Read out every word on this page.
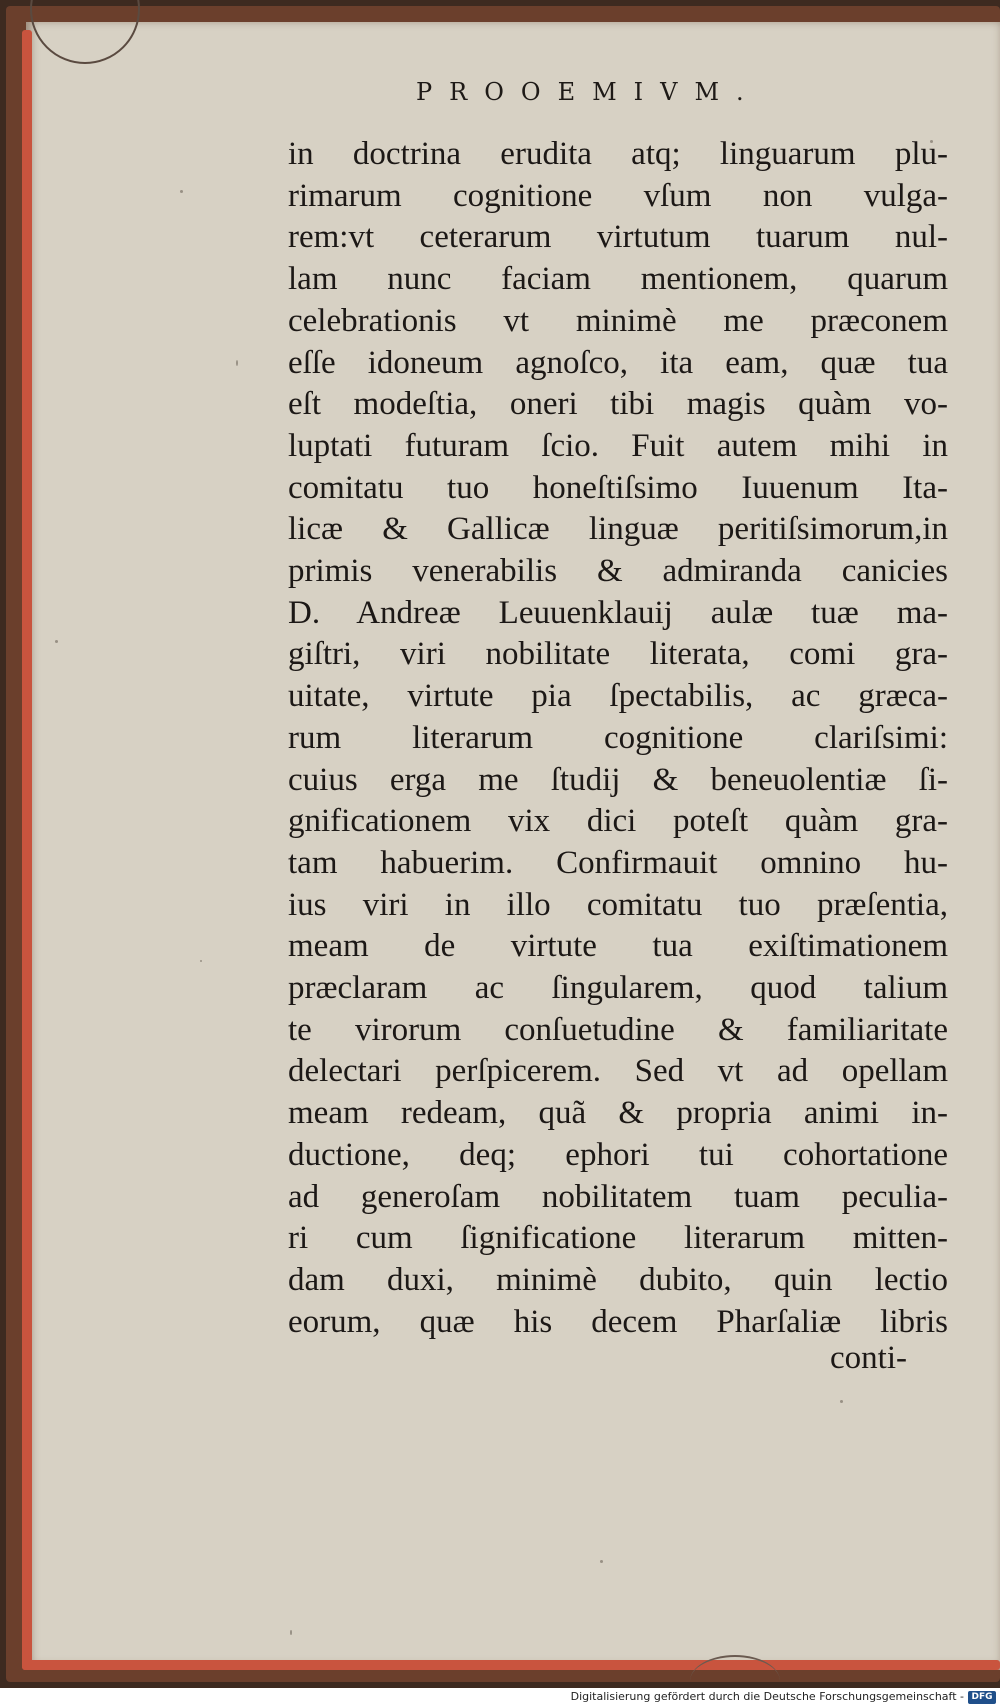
PROOEMIVM.
in doctrina erudita atq; linguarum plu-
rimarum cognitione vſum non vulga-
rem:vt ceterarum virtutum tuarum nul-
lam nunc faciam mentionem, quarum
celebrationis vt minimè me præconem
eſſe idoneum agnoſco, ita eam, quæ tua
eſt modeſtia, oneri tibi magis quàm vo-
luptati futuram ſcio. Fuit autem mihi in
comitatu tuo honeſtiſsimo Iuuenum Ita-
licæ & Gallicæ linguæ peritiſsimorum,in
primis venerabilis & admiranda canicies
D. Andreæ Leuuenklauij aulæ tuæ ma-
giſtri, viri nobilitate literata, comi gra-
uitate, virtute pia ſpectabilis, ac græca-
rum literarum cognitione clariſsimi:
cuius erga me ſtudij & beneuolentiæ ſi-
gnificationem vix dici poteſt quàm gra-
tam habuerim. Confirmauit omnino hu-
ius viri in illo comitatu tuo præſentia,
meam de virtute tua exiſtimationem
præclaram ac ſingularem, quod talium
te virorum conſuetudine & familiaritate
delectari perſpicerem. Sed vt ad opellam
meam redeam, quã & propria animi in-
ductione, deq; ephori tui cohortatione
ad generoſam nobilitatem tuam peculia-
ri cum ſignificatione literarum mitten-
dam duxi, minimè dubito, quin lectio
eorum, quæ his decem Pharſaliæ libris
conti-
Digitalisierung gefördert durch die Deutsche Forschungsgemeinschaft - DFG
